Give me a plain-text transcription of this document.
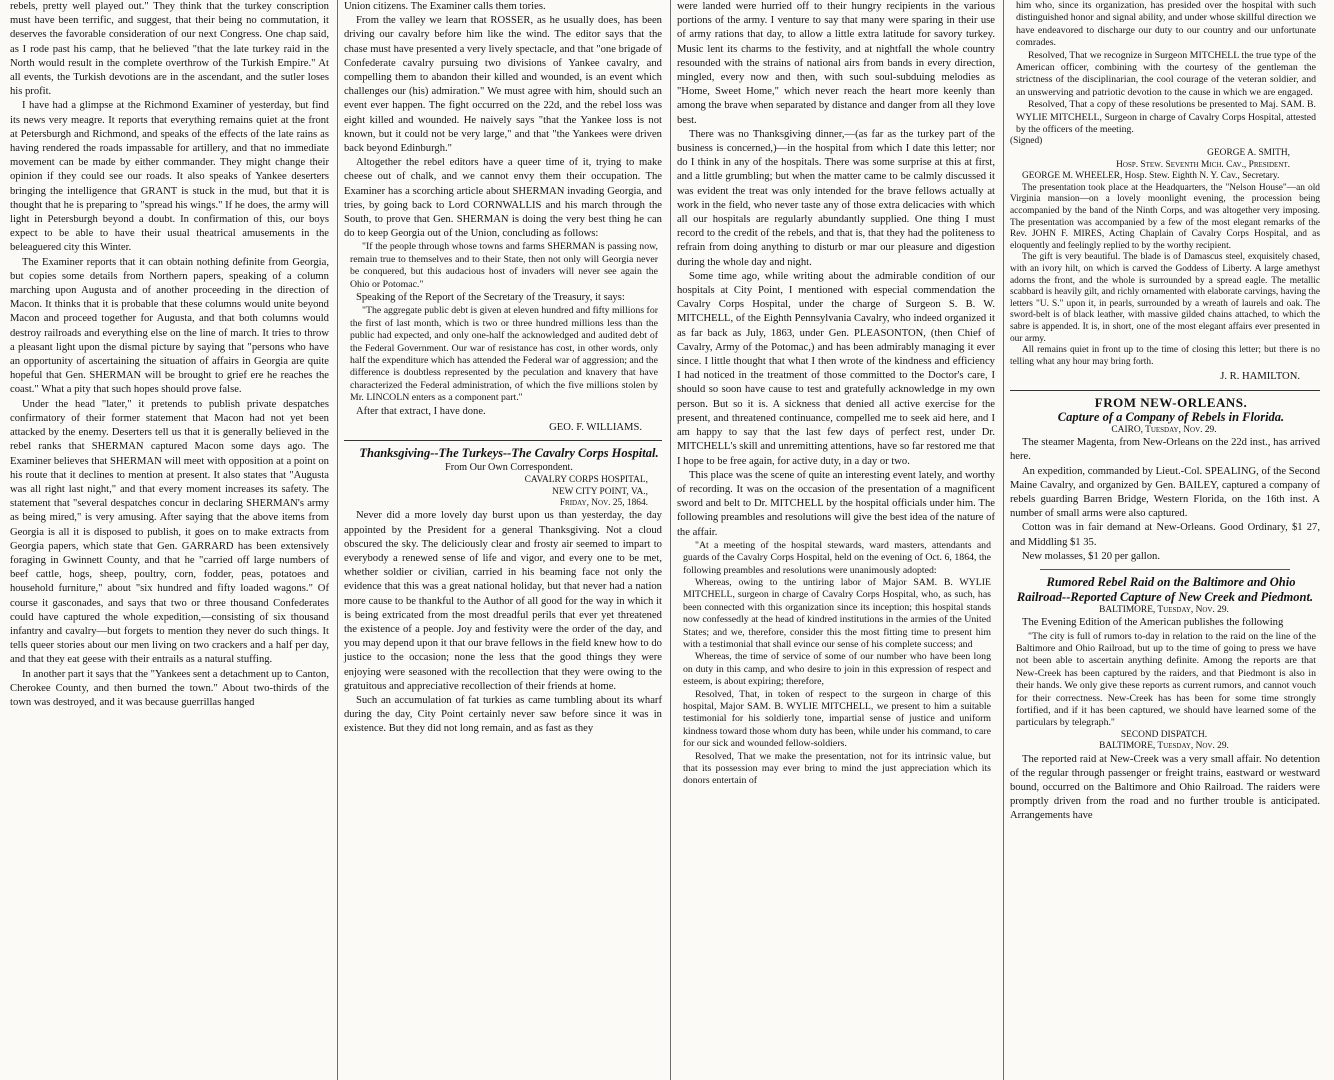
rebels, pretty well played out." They think that the turkey conscription must have been terrific, and suggest, that their being no commutation, it deserves the favorable consideration of our next Congress. One chap said, as I rode past his camp, that he believed "that the late turkey raid in the North would result in the complete overthrow of the Turkish Empire." At all events, the Turkish devotions are in the ascendant, and the sutler loses his profit.

I have had a glimpse at the Richmond Examiner of yesterday, but find its news very meagre. It reports that everything remains quiet at the front at Petersburgh and Richmond, and speaks of the effects of the late rains as having rendered the roads impassable for artillery, and that no immediate movement can be made by either commander. They might change their opinion if they could see our roads. It also speaks of Yankee deserters bringing the intelligence that GRANT is stuck in the mud, but that it is thought that he is preparing to "spread his wings." If he does, the army will light in Petersburgh beyond a doubt. In confirmation of this, our boys expect to be able to have their usual theatrical amusements in the beleaguered city this Winter.

The Examiner reports that it can obtain nothing definite from Georgia, but copies some details from Northern papers, speaking of a column marching upon Augusta and of another proceeding in the direction of Macon. It thinks that it is probable that these columns would unite beyond Macon and proceed together for Augusta, and that both columns would destroy railroads and everything else on the line of march. It tries to throw a pleasant light upon the dismal picture by saying that "persons who have an opportunity of ascertaining the situation of affairs in Georgia are quite hopeful that Gen. SHERMAN will be brought to grief ere he reaches the coast." What a pity that such hopes should prove false.

Under the head "later," it pretends to publish private despatches confirmatory of their former statement that Macon had not yet been attacked by the enemy. Deserters tell us that it is generally believed in the rebel ranks that SHERMAN captured Macon some days ago. The Examiner believes that SHERMAN will meet with opposition at a point on his route that it declines to mention at present. It also states that "Augusta was all right last night," and that every moment increases its safety. The statement that "several despatches concur in declaring SHERMAN's army as being mired," is very amusing. After saying that the above items from Georgia is all it is disposed to publish, it goes on to make extracts from Georgia papers, which state that Gen. GARRARD has been extensively foraging in Gwinnett County, and that he "carried off large numbers of beef cattle, hogs, sheep, poultry, corn, fodder, peas, potatoes and household furniture," about "six hundred and fifty loaded wagons." Of course it gasconades, and says that two or three thousand Confederates could have captured the whole expedition,—consisting of six thousand infantry and cavalry—but forgets to mention they never do such things. It tells queer stories about our men living on two crackers and a half per day, and that they eat geese with their entrails as a natural stuffing.

In another part it says that the "Yankees sent a detachment up to Canton, Cherokee County, and then burned the town." About two-thirds of the town was destroyed, and it was because guerrillas hanged

Union citizens. The Examiner calls them tories.

From the valley we learn that ROSSER, as he usually does, has been driving our cavalry before him like the wind. The editor says that the chase must have presented a very lively spectacle, and that "one brigade of Confederate cavalry pursuing two divisions of Yankee cavalry, and compelling them to abandon their killed and wounded, is an event which challenges our (his) admiration." We must agree with him, should such an event ever happen. The fight occurred on the 22d, and the rebel loss was eight killed and wounded. He naively says "that the Yankee loss is not known, but it could not be very large," and that "the Yankees were driven back beyond Edinburgh."

Altogether the rebel editors have a queer time of it, trying to make cheese out of chalk, and we cannot envy them their occupation. The Examiner has a scorching article about SHERMAN invading Georgia, and tries, by going back to Lord CORNWALLIS and his march through the South, to prove that Gen. SHERMAN is doing the very best thing he can do to keep Georgia out of the Union, concluding as follows:

"If the people through whose towns and farms SHERMAN is passing now, remain true to themselves and to their State, then not only will Georgia never be conquered, but this audacious host of invaders will never see again the Ohio or Potomac."

Speaking of the Report of the Secretary of the Treasury, it says:

"The aggregate public debt is given at eleven hundred and fifty millions for the first of last month, which is two or three hundred millions less than the public had expected, and only one-half the acknowledged and audited debt of the Federal Government. Our war of resistance has cost, in other words, only half the expenditure which has attended the Federal war of aggression; and the difference is doubtless represented by the peculation and knavery that have characterized the Federal administration, of which the five millions stolen by Mr. LINCOLN enters as a component part."

After that extract, I have done.

GEO. F. WILLIAMS.

Thanksgiving--The Turkeys--The Cavalry Corps Hospital.

From Our Own Correspondent.

CAVALRY CORPS HOSPITAL,

NEW CITY POINT, VA.,

Friday, Nov. 25, 1864.

Never did a more lovely day burst upon us than yesterday, the day appointed by the President for a general Thanksgiving. Not a cloud obscured the sky. The deliciously clear and frosty air seemed to impart to everybody a renewed sense of life and vigor, and every one to be met, whether soldier or civilian, carried in his beaming face not only the evidence that this was a great national holiday, but that never had a nation more cause to be thankful to the Author of all good for the way in which it is being extricated from the most dreadful perils that ever yet threatened the existence of a people. Joy and festivity were the order of the day, and you may depend upon it that our brave fellows in the field knew how to do justice to the occasion; none the less that the good things they were enjoying were seasoned with the recollection that they were owing to the gratuitous and appreciative recollection of their friends at home.

Such an accumulation of fat turkies as came tumbling about its wharf during the day, City Point certainly never saw before since it was in existence. But they did not long remain, and as fast as they

were landed were hurried off to their hungry recipients in the various portions of the army. I venture to say that many were sparing in their use of army rations that day, to allow a little extra latitude for savory turkey. Music lent its charms to the festivity, and at nightfall the whole country resounded with the strains of national airs from bands in every direction, mingled, every now and then, with such soul-subduing melodies as "Home, Sweet Home," which never reach the heart more keenly than among the brave when separated by distance and danger from all they love best.

There was no Thanksgiving dinner,—(as far as the turkey part of the business is concerned,)—in the hospital from which I date this letter; nor do I think in any of the hospitals. There was some surprise at this at first, and a little grumbling; but when the matter came to be calmly discussed it was evident the treat was only intended for the brave fellows actually at work in the field, who never taste any of those extra delicacies with which all our hospitals are regularly abundantly supplied. One thing I must record to the credit of the rebels, and that is, that they had the politeness to refrain from doing anything to disturb or mar our pleasure and digestion during the whole day and night.

Some time ago, while writing about the admirable condition of our hospitals at City Point, I mentioned with especial commendation the Cavalry Corps Hospital, under the charge of Surgeon S. B. W. MITCHELL, of the Eighth Pennsylvania Cavalry, who indeed organized it as far back as July, 1863, under Gen. PLEASONTON, (then Chief of Cavalry, Army of the Potomac,) and has been admirably managing it ever since. I little thought that what I then wrote of the kindness and efficiency I had noticed in the treatment of those committed to the Doctor's care, I should so soon have cause to test and gratefully acknowledge in my own person. But so it is. A sickness that denied all active exercise for the present, and threatened continuance, compelled me to seek aid here, and I am happy to say that the last few days of perfect rest, under Dr. MITCHELL's skill and unremitting attentions, have so far restored me that I hope to be free again, for active duty, in a day or two.

This place was the scene of quite an interesting event lately, and worthy of recording. It was on the occasion of the presentation of a magnificent sword and belt to Dr. MITCHELL by the hospital officials under him. The following preambles and resolutions will give the best idea of the nature of the affair.

"At a meeting of the hospital stewards, ward masters, attendants and guards of the Cavalry Corps Hospital, held on the evening of Oct. 6, 1864, the following preambles and resolutions were unanimously adopted:

Whereas, owing to the untiring labor of Major SAM. B. WYLIE MITCHELL, surgeon in charge of Cavalry Corps Hospital, who, as such, has been connected with this organization since its inception; this hospital stands now confessedly at the head of kindred institutions in the armies of the United States; and we, therefore, consider this the most fitting time to present him with a testimonial that shall evince our sense of his complete success; and

Whereas, the time of service of some of our number who have been long on duty in this camp, and who desire to join in this expression of respect and esteem, is about expiring; therefore,

Resolved, That, in token of respect to the surgeon in charge of this hospital, Major SAM. B. WYLIE MITCHELL, we present to him a suitable testimonial for his soldierly tone, impartial sense of justice and uniform kindness toward those whom duty has been, while under his command, to care for our sick and wounded fellow-soldiers.

Resolved, That we make the presentation, not for its intrinsic value, but that its possession may ever bring to mind the just appreciation which its donors entertain of

him who, since its organization, has presided over the hospital with such distinguished honor and signal ability, and under whose skillful direction we have endeavored to discharge our duty to our country and our unfortunate comrades.

Resolved, That we recognize in Surgeon MITCHELL the true type of the American officer, combining with the courtesy of the gentleman the strictness of the disciplinarian, the cool courage of the veteran soldier, and an unswerving and patriotic devotion to the cause in which we are engaged.

Resolved, That a copy of these resolutions be presented to Maj. SAM. B. WYLIE MITCHELL, Surgeon in charge of Cavalry Corps Hospital, attested by the officers of the meeting.

(Signed)
GEORGE A. SMITH,
Hosp. Stew. Seventh Mich. Cav., President.

GEORGE M. WHEELER, Hosp. Stew. Eighth N. Y. Cav., Secretary.

The presentation took place at the Headquarters, the "Nelson House"—an old Virginia mansion—on a lovely moonlight evening, the procession being accompanied by the band of the Ninth Corps, and was altogether very imposing. The presentation was accompanied by a few of the most elegant remarks of the Rev. JOHN F. MIRES, Acting Chaplain of Cavalry Corps Hospital, and as eloquently and feelingly replied to by the worthy recipient.

The gift is very beautiful. The blade is of Damascus steel, exquisitely chased, with an ivory hilt, on which is carved the Goddess of Liberty. A large amethyst adorns the front, and the whole is surrounded by a spread eagle. The metallic scabbard is heavily gilt, and richly ornamented with elaborate carvings, having the letters "U. S." upon it, in pearls, surrounded by a wreath of laurels and oak. The sword-belt is of black leather, with massive gilded chains attached, to which the sabre is appended. It is, in short, one of the most elegant affairs ever presented in our army.

All remains quiet in front up to the time of closing this letter; but there is no telling what any hour may bring forth.

J. R. HAMILTON.

FROM NEW-ORLEANS.

Capture of a Company of Rebels in Florida.

CAIRO, Tuesday, Nov. 29.

The steamer Magenta, from New-Orleans on the 22d inst., has arrived here.

An expedition, commanded by Lieut.-Col. SPEALING, of the Second Maine Cavalry, and organized by Gen. BAILEY, captured a company of rebels guarding Barren Bridge, Western Florida, on the 16th inst. A number of small arms were also captured.

Cotton was in fair demand at New-Orleans. Good Ordinary, $1 27, and Middling $1 35.

New molasses, $1 20 per gallon.

Rumored Rebel Raid on the Baltimore and Ohio Railroad--Reported Capture of New Creek and Piedmont.

BALTIMORE, Tuesday, Nov. 29.

The Evening Edition of the American publishes the following

"The city is full of rumors to-day in relation to the raid on the line of the Baltimore and Ohio Railroad, but up to the time of going to press we have not been able to ascertain anything definite. Among the reports are that New-Creek has been captured by the raiders, and that Piedmont is also in their hands. We only give these reports as current rumors, and cannot vouch for their correctness. New-Creek has has been for some time strongly fortified, and if it has been captured, we should have learned some of the particulars by telegraph."

SECOND DISPATCH.

BALTIMORE, Tuesday, Nov. 29.

The reported raid at New-Creek was a very small affair. No detention of the regular through passenger or freight trains, eastward or westward bound, occurred on the Baltimore and Ohio Railroad. The raiders were promptly driven from the road and no further trouble is anticipated. Arrangements have
